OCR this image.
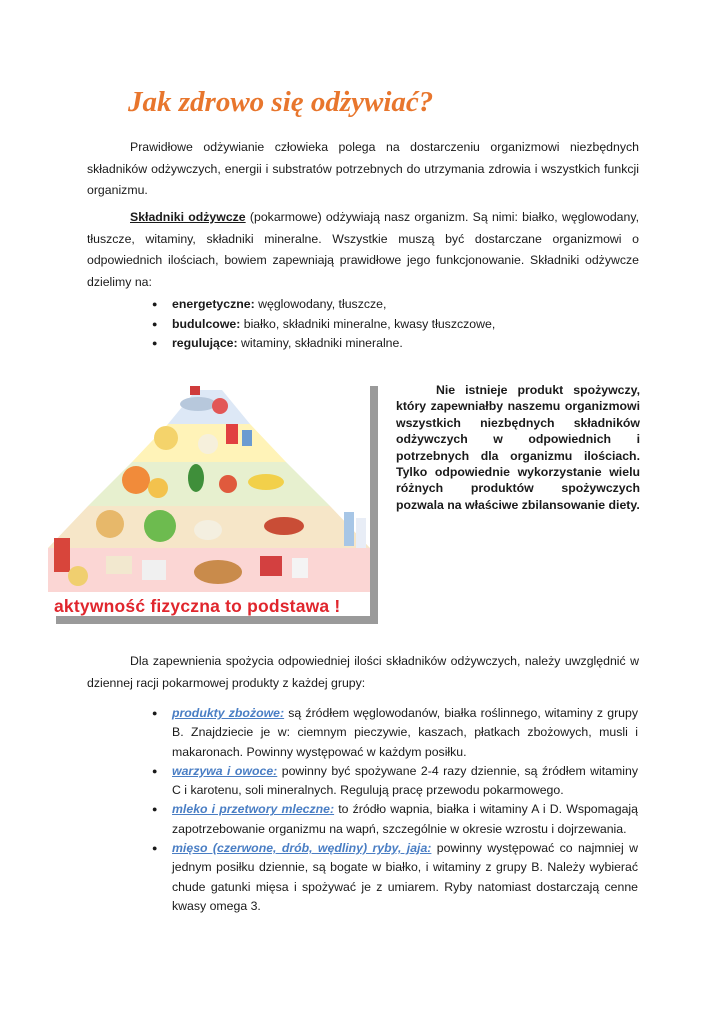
Jak zdrowo się odżywiać?

Prawidłowe odżywianie człowieka polega na dostarczeniu organizmowi niezbędnych składników odżywczych, energii i substratów potrzebnych do utrzymania zdrowia i wszystkich funkcji organizmu.

Składniki odżywcze (pokarmowe) odżywiają nasz organizm. Są nimi: białko, węglowodany, tłuszcze, witaminy, składniki mineralne. Wszystkie muszą być dostarczane organizmowi o odpowiednich ilościach, bowiem zapewniają prawidłowe jego funkcjonowanie. Składniki odżywcze dzielimy na:

● energetyczne: węglowodany, tłuszcze,
● budulcowe: białko, składniki mineralne, kwasy tłuszczowe,
● regulujące: witaminy, składniki mineralne.

aktywność fizyczna to podstawa !

Nie istnieje produkt spożywczy, który zapewniałby naszemu organizmowi wszystkich niezbędnych składników odżywczych w odpowiednich i potrzebnych dla organizmu ilościach. Tylko odpowiednie wykorzystanie wielu różnych produktów spożywczych pozwala na właściwe zbilansowanie diety.

Dla zapewnienia spożycia odpowiedniej ilości składników odżywczych, należy uwzględnić w dziennej racji pokarmowej produkty z każdej grupy:

● produkty zbożowe: są źródłem węglowodanów, białka roślinnego, witaminy z grupy B. Znajdziecie je w: ciemnym pieczywie, kaszach, płatkach zbożowych, musli i makaronach. Powinny występować w każdym posiłku.
● warzywa i owoce: powinny być spożywane 2-4 razy dziennie, są źródłem witaminy C i karotenu, soli mineralnych. Regulują pracę przewodu pokarmowego.
● mleko i przetwory mleczne: to źródło wapnia, białka i witaminy A i D. Wspomagają zapotrzebowanie organizmu na wapń, szczególnie w okresie wzrostu i dojrzewania.
● mięso (czerwone, drób, wędliny) ryby, jaja: powinny występować co najmniej w jednym posiłku dziennie, są bogate w białko, i witaminy z grupy B. Należy wybierać chude gatunki mięsa i spożywać je z umiarem. Ryby natomiast dostarczają cenne kwasy omega 3.
